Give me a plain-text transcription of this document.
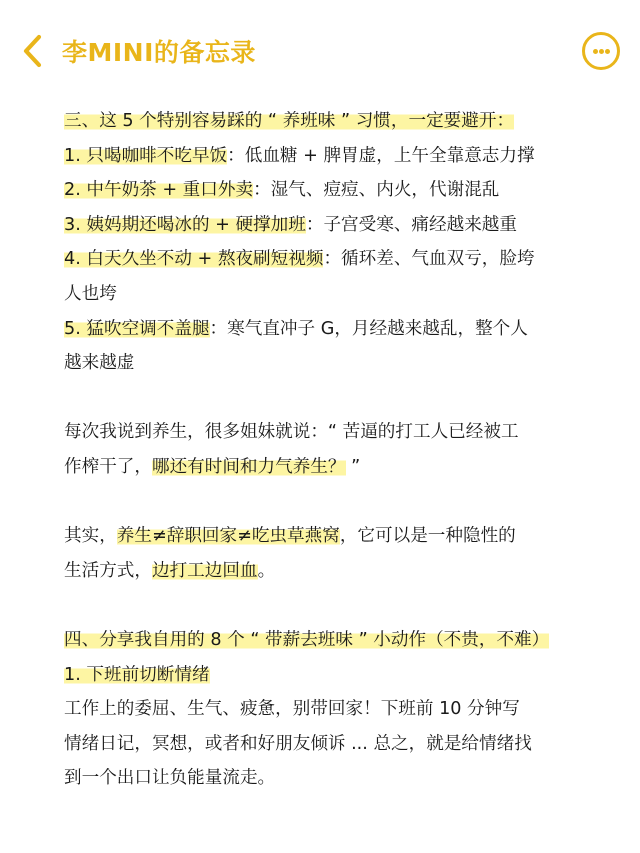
李MINI的备忘录
三、这 5 个特别容易踩的 “ 养班味 ” 习惯，一定要避开：
1. 只喝咖啡不吃早饭：低血糖 + 脾胃虚，上午全靠意志力撑
2. 中午奶茶 + 重口外卖：湿气、痘痘、内火，代谢混乱
3. 姨妈期还喝冰的 + 硬撑加班：子宫受寒、痛经越来越重
4. 白天久坐不动 + 熬夜刷短视频：循环差、气血双亏，脸垮
人也垮
5. 猛吹空调不盖腿：寒气直冲子 G，月经越来越乱，整个人
越来越虚
每次我说到养生，很多姐妹就说：“ 苦逼的打工人已经被工
作榨干了，哪还有时间和力气养生？ ”
其实，养生≠辞职回家≠吃虫草燕窝，它可以是一种隐性的
生活方式，边打工边回血。
四、分享我自用的 8 个 “ 带薪去班味 ” 小动作（不贵，不难）
1. 下班前切断情绪
工作上的委屈、生气、疲惫，别带回家！下班前 10 分钟写
情绪日记，冥想，或者和好朋友倾诉 ... 总之，就是给情绪找
到一个出口让负能量流走。
